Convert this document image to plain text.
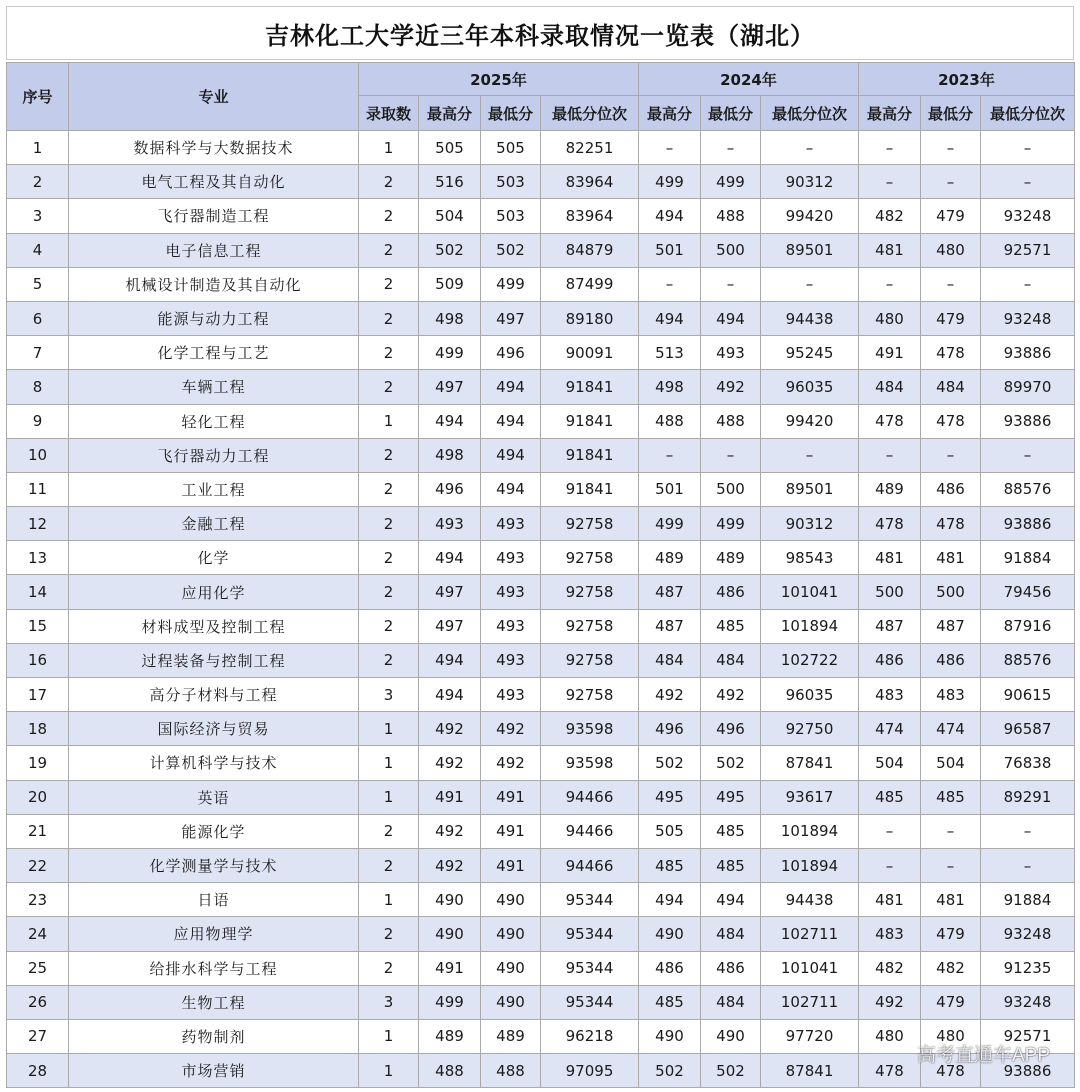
吉林化工大学近三年本科录取情况一览表（湖北）
序号	专业	2025年				2024年			2023年		
		录取数	最高分	最低分	最低分位次	最高分	最低分	最低分位次	最高分	最低分	最低分位次
1	数据科学与大数据技术	1	505	505	82251	–	–	–	–	–	–
2	电气工程及其自动化	2	516	503	83964	499	499	90312	–	–	–
3	飞行器制造工程	2	504	503	83964	494	488	99420	482	479	93248
4	电子信息工程	2	502	502	84879	501	500	89501	481	480	92571
5	机械设计制造及其自动化	2	509	499	87499	–	–	–	–	–	–
6	能源与动力工程	2	498	497	89180	494	494	94438	480	479	93248
7	化学工程与工艺	2	499	496	90091	513	493	95245	491	478	93886
8	车辆工程	2	497	494	91841	498	492	96035	484	484	89970
9	轻化工程	1	494	494	91841	488	488	99420	478	478	93886
10	飞行器动力工程	2	498	494	91841	–	–	–	–	–	–
11	工业工程	2	496	494	91841	501	500	89501	489	486	88576
12	金融工程	2	493	493	92758	499	499	90312	478	478	93886
13	化学	2	494	493	92758	489	489	98543	481	481	91884
14	应用化学	2	497	493	92758	487	486	101041	500	500	79456
15	材料成型及控制工程	2	497	493	92758	487	485	101894	487	487	87916
16	过程装备与控制工程	2	494	493	92758	484	484	102722	486	486	88576
17	高分子材料与工程	3	494	493	92758	492	492	96035	483	483	90615
18	国际经济与贸易	1	492	492	93598	496	496	92750	474	474	96587
19	计算机科学与技术	1	492	492	93598	502	502	87841	504	504	76838
20	英语	1	491	491	94466	495	495	93617	485	485	89291
21	能源化学	2	492	491	94466	505	485	101894	–	–	–
22	化学测量学与技术	2	492	491	94466	485	485	101894	–	–	–
23	日语	1	490	490	95344	494	494	94438	481	481	91884
24	应用物理学	2	490	490	95344	490	484	102711	483	479	93248
25	给排水科学与工程	2	491	490	95344	486	486	101041	482	482	91235
26	生物工程	3	499	490	95344	485	484	102711	492	479	93248
27	药物制剂	1	489	489	96218	490	490	97720	480	480	92571
28	市场营销	1	488	488	97095	502	502	87841	478	478	93886
高考直通车APP
